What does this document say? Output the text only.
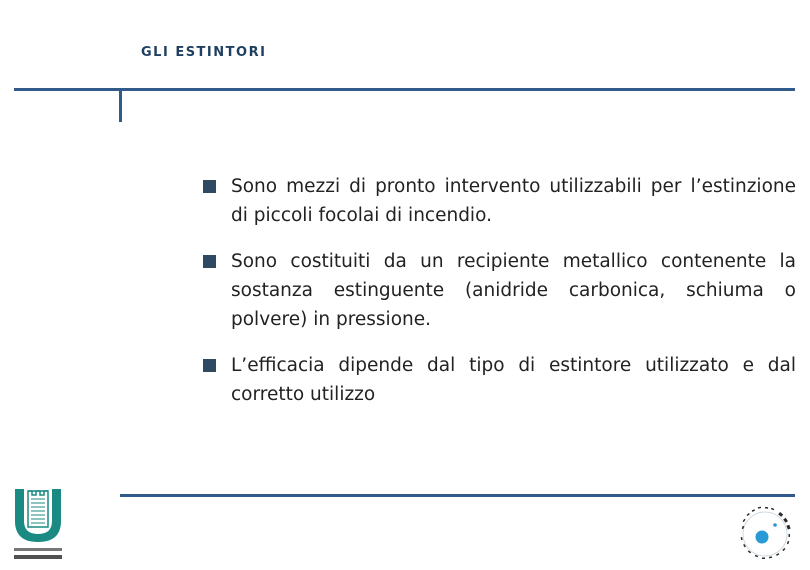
GLI ESTINTORI
Sono mezzi di pronto intervento utilizzabili per l’estinzione di piccoli focolai di incendio.
Sono costituiti da un recipiente metallico contenente la sostanza estinguente (anidride carbonica, schiuma o polvere) in pressione.
L’efficacia dipende dal tipo di estintore utilizzato e dal corretto utilizzo
